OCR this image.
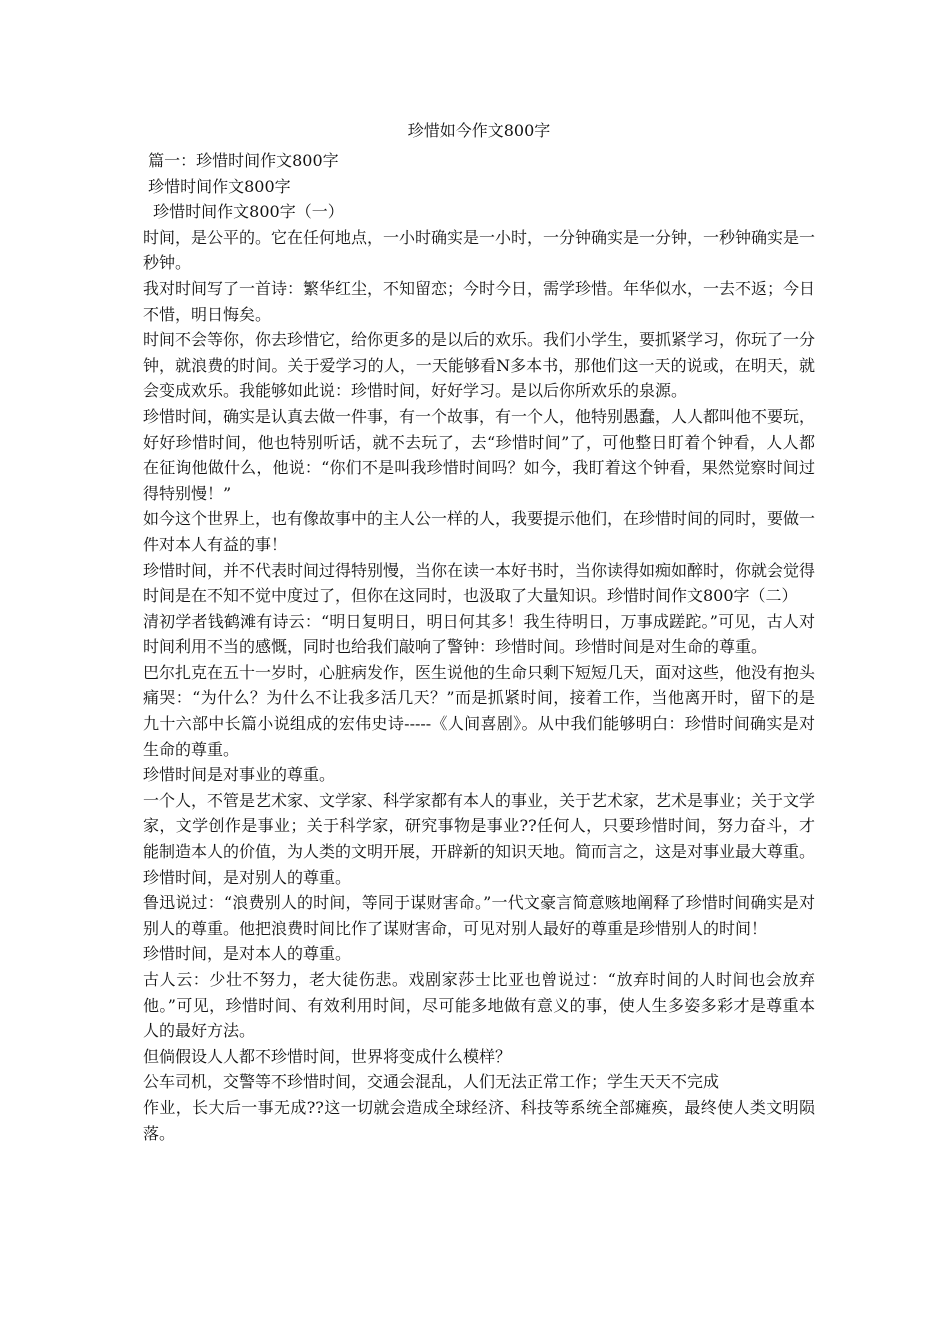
珍惜如今作文800字
篇一：珍惜时间作文800字
珍惜时间作文800字
珍惜时间作文800字（一）

时间，是公平的。它在任何地点，一小时确实是一小时，一分钟确实是一分钟，一秒钟确实是一秒钟。

我对时间写了一首诗：繁华红尘，不知留恋；今时今日，需学珍惜。年华似水，一去不返；今日不惜，明日悔矣。

时间不会等你，你去珍惜它，给你更多的是以后的欢乐。我们小学生，要抓紧学习，你玩了一分钟，就浪费的时间。关于爱学习的人，一天能够看N多本书，那他们这一天的说或，在明天，就会变成欢乐。我能够如此说：珍惜时间，好好学习。是以后你所欢乐的泉源。

珍惜时间，确实是认真去做一件事，有一个故事，有一个人，他特别愚蠢，人人都叫他不要玩，好好珍惜时间，他也特别听话，就不去玩了，去“珍惜时间”了，可他整日盯着个钟看，人人都在征询他做什么，他说：“你们不是叫我珍惜时间吗？如今，我盯着这个钟看，果然觉察时间过得特别慢！”

如今这个世界上，也有像故事中的主人公一样的人，我要提示他们，在珍惜时间的同时，要做一件对本人有益的事！

珍惜时间，并不代表时间过得特别慢，当你在读一本好书时，当你读得如痴如醉时，你就会觉得时间是在不知不觉中度过了，但你在这同时，也汲取了大量知识。珍惜时间作文800字（二）

清初学者钱鹤滩有诗云：“明日复明日，明日何其多！我生待明日，万事成蹉跎。”可见，古人对时间利用不当的感慨，同时也给我们敲响了警钟：珍惜时间。珍惜时间是对生命的尊重。

巴尔扎克在五十一岁时，心脏病发作，医生说他的生命只剩下短短几天，面对这些，他没有抱头痛哭：“为什么？为什么不让我多活几天？”而是抓紧时间，接着工作，当他离开时，留下的是九十六部中长篇小说组成的宏伟史诗-----《人间喜剧》。从中我们能够明白：珍惜时间确实是对生命的尊重。

珍惜时间是对事业的尊重。

一个人，不管是艺术家、文学家、科学家都有本人的事业，关于艺术家，艺术是事业；关于文学家，文学创作是事业；关于科学家，研究事物是事业??任何人，只要珍惜时间，努力奋斗，才能制造本人的价值，为人类的文明开展，开辟新的知识天地。简而言之，这是对事业最大尊重。

珍惜时间，是对别人的尊重。

鲁迅说过：“浪费别人的时间，等同于谋财害命。”一代文豪言简意赅地阐释了珍惜时间确实是对别人的尊重。他把浪费时间比作了谋财害命，可见对别人最好的尊重是珍惜别人的时间！

珍惜时间，是对本人的尊重。

古人云：少壮不努力，老大徒伤悲。戏剧家莎士比亚也曾说过：“放弃时间的人时间也会放弃他。”可见，珍惜时间、有效利用时间，尽可能多地做有意义的事，使人生多姿多彩才是尊重本人的最好方法。

但倘假设人人都不珍惜时间，世界将变成什么模样？

公车司机，交警等不珍惜时间，交通会混乱，人们无法正常工作；学生天天不完成

作业，长大后一事无成??这一切就会造成全球经济、科技等系统全部瘫痪，最终使人类文明陨落。
